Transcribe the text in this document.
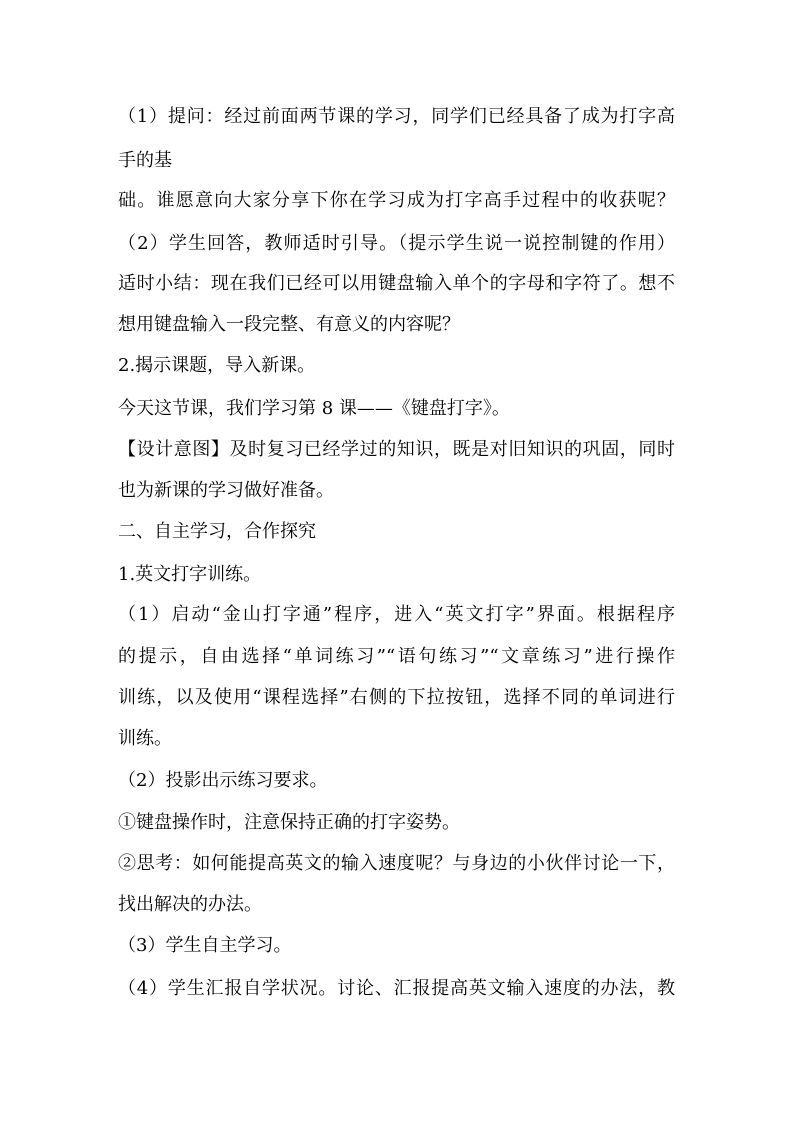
（1）提问：经过前面两节课的学习，同学们已经具备了成为打字高
手的基
础。谁愿意向大家分享下你在学习成为打字高手过程中的收获呢？
（2）学生回答，教师适时引导。（提示学生说一说控制键的作用）
适时小结：现在我们已经可以用键盘输入单个的字母和字符了。想不
想用键盘输入一段完整、有意义的内容呢？
2.揭示课题，导入新课。
今天这节课，我们学习第 8 课——《键盘打字》。
【设计意图】及时复习已经学过的知识，既是对旧知识的巩固，同时
也为新课的学习做好准备。
二、自主学习，合作探究
1.英文打字训练。
（1）启动“金山打字通”程序，进入“英文打字”界面。根据程序
的提示，自由选择“单词练习”“语句练习”“文章练习”进行操作
训练，以及使用“课程选择”右侧的下拉按钮，选择不同的单词进行
训练。
（2）投影出示练习要求。
①键盘操作时，注意保持正确的打字姿势。
②思考：如何能提高英文的输入速度呢？与身边的小伙伴讨论一下，
找出解决的办法。
（3）学生自主学习。
（4）学生汇报自学状况。讨论、汇报提高英文输入速度的办法，教
